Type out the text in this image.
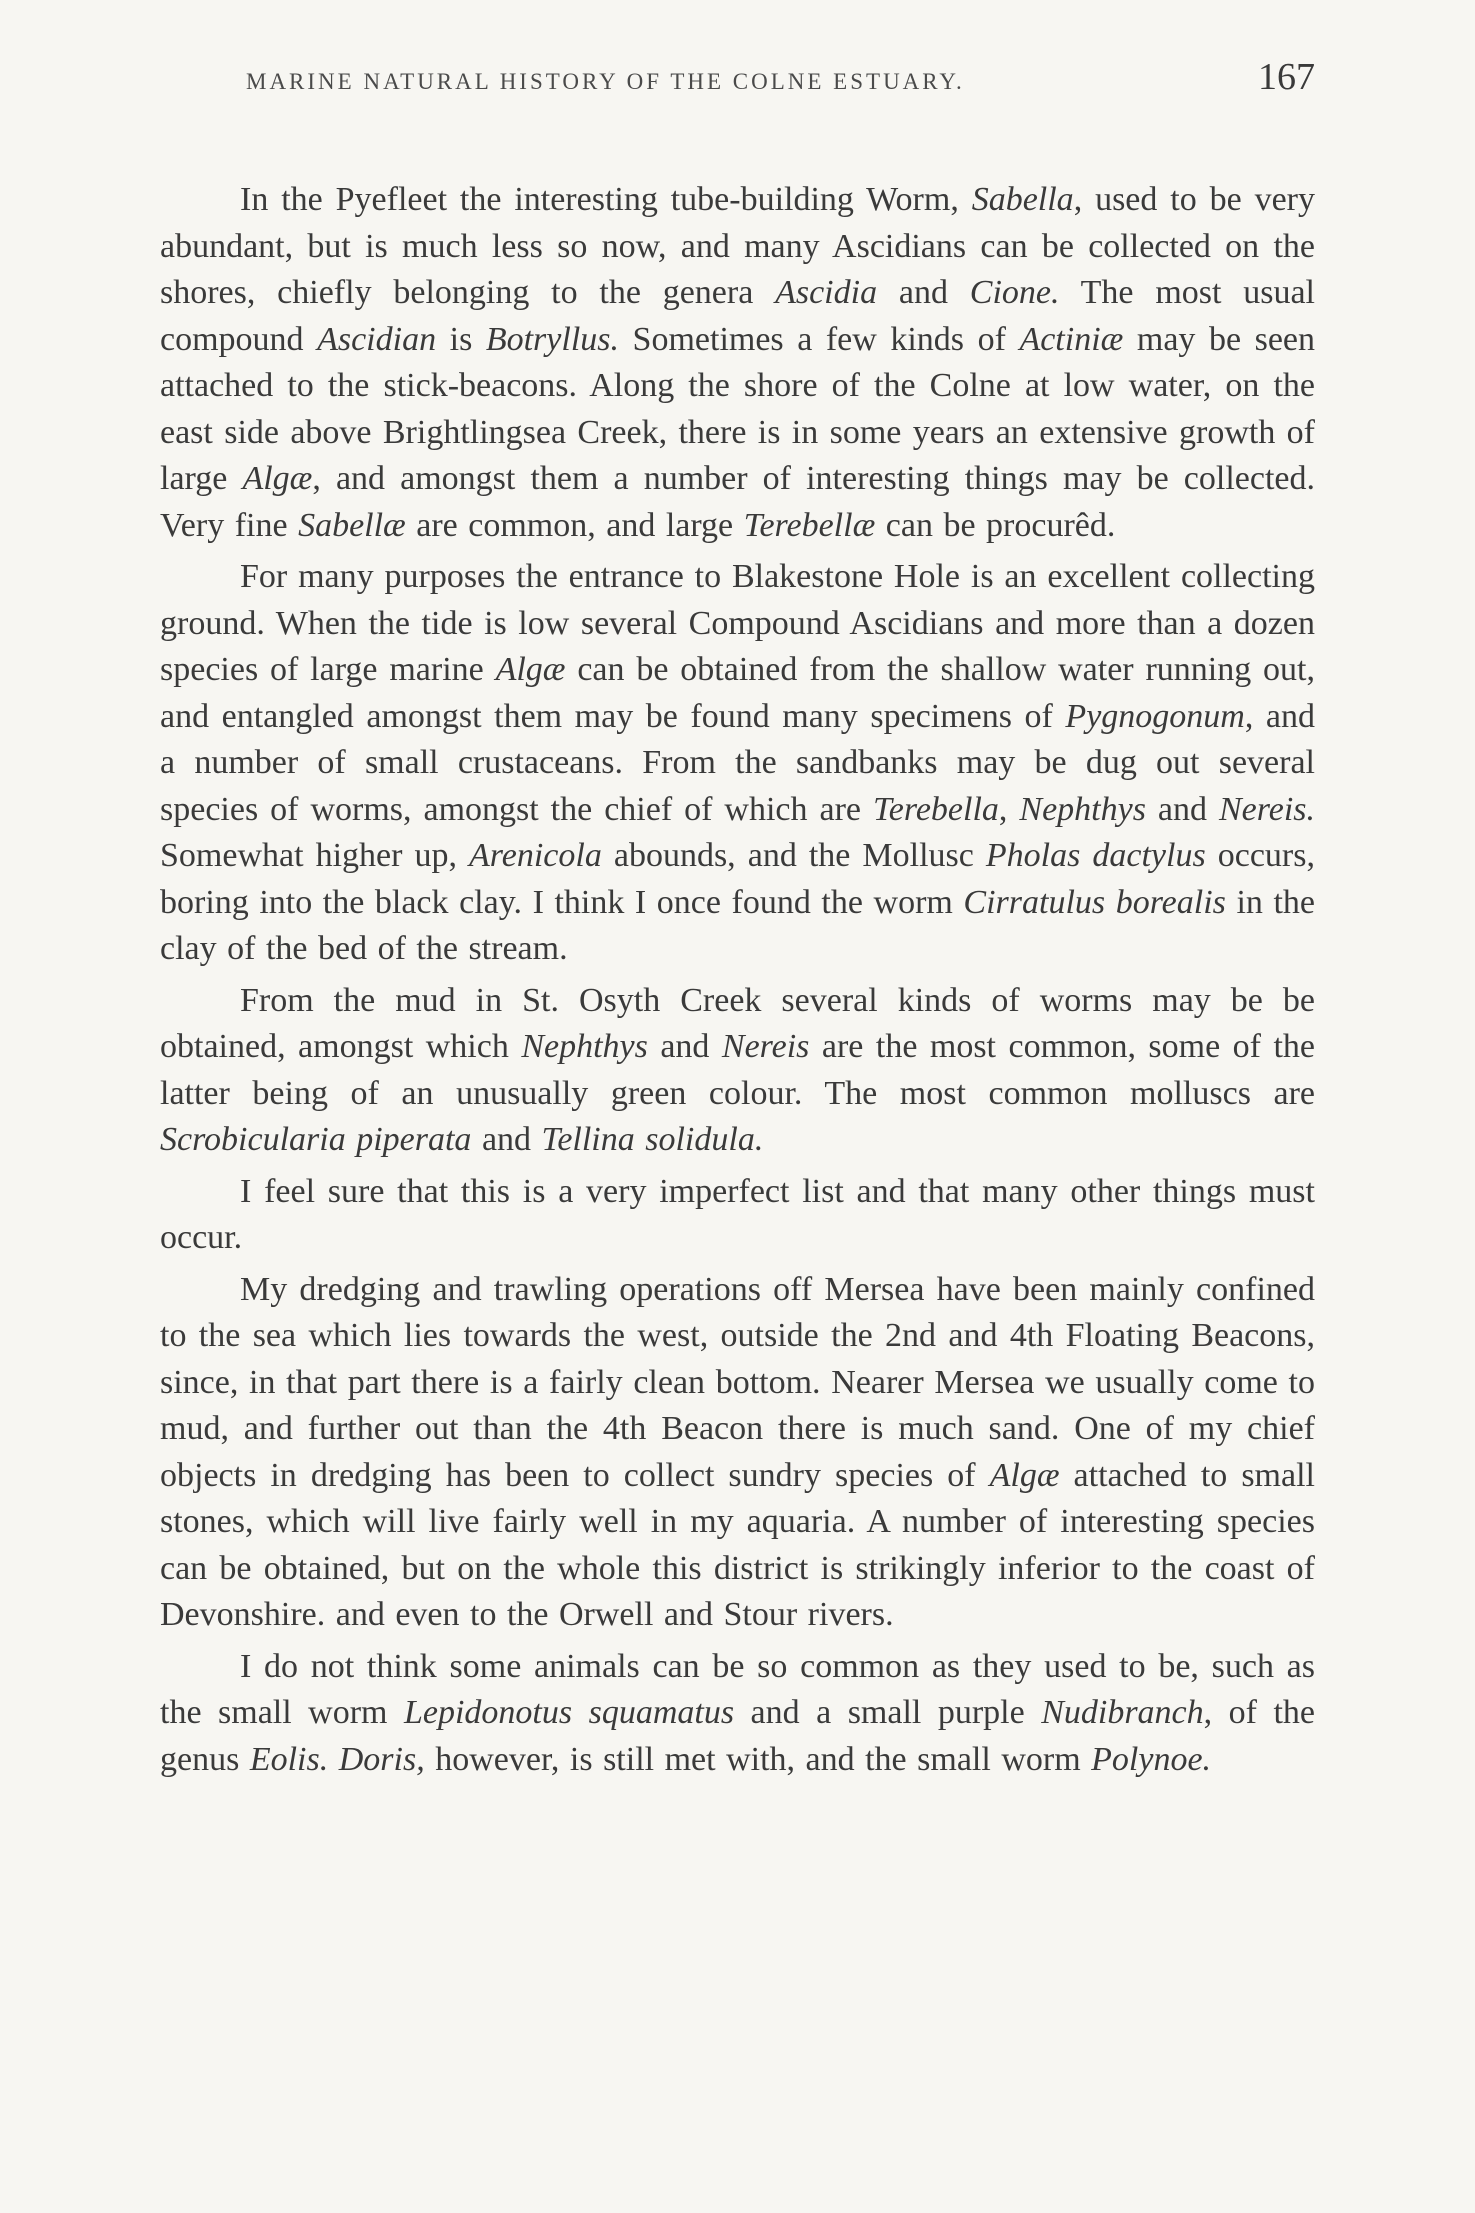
MARINE NATURAL HISTORY OF THE COLNE ESTUARY.	167

In the Pyefleet the interesting tube-building Worm, Sabella, used to be very abundant, but is much less so now, and many Ascidians can be collected on the shores, chiefly belonging to the genera Ascidia and Cione. The most usual compound Ascidian is Botryllus. Sometimes a few kinds of Actiniæ may be seen attached to the stick-beacons. Along the shore of the Colne at low water, on the east side above Brightlingsea Creek, there is in some years an extensive growth of large Algæ, and amongst them a number of interesting things may be collected. Very fine Sabellæ are common, and large Terebellæ can be procurêd.

For many purposes the entrance to Blakestone Hole is an excellent collecting ground. When the tide is low several Compound Ascidians and more than a dozen species of large marine Algæ can be obtained from the shallow water running out, and entangled amongst them may be found many specimens of Pygnogonum, and a number of small crustaceans. From the sandbanks may be dug out several species of worms, amongst the chief of which are Terebella, Nephthys and Nereis. Somewhat higher up, Arenicola abounds, and the Mollusc Pholas dactylus occurs, boring into the black clay. I think I once found the worm Cirratulus borealis in the clay of the bed of the stream.

From the mud in St. Osyth Creek several kinds of worms may be be obtained, amongst which Nephthys and Nereis are the most common, some of the latter being of an unusually green colour. The most common molluscs are Scrobicularia piperata and Tellina solidula.

I feel sure that this is a very imperfect list and that many other things must occur.

My dredging and trawling operations off Mersea have been mainly confined to the sea which lies towards the west, outside the 2nd and 4th Floating Beacons, since, in that part there is a fairly clean bottom. Nearer Mersea we usually come to mud, and further out than the 4th Beacon there is much sand. One of my chief objects in dredging has been to collect sundry species of Algæ attached to small stones, which will live fairly well in my aquaria. A number of interesting species can be obtained, but on the whole this district is strikingly inferior to the coast of Devonshire. and even to the Orwell and Stour rivers.

I do not think some animals can be so common as they used to be, such as the small worm Lepidonotus squamatus and a small purple Nudibranch, of the genus Eolis. Doris, however, is still met with, and the small worm Polynoe.
